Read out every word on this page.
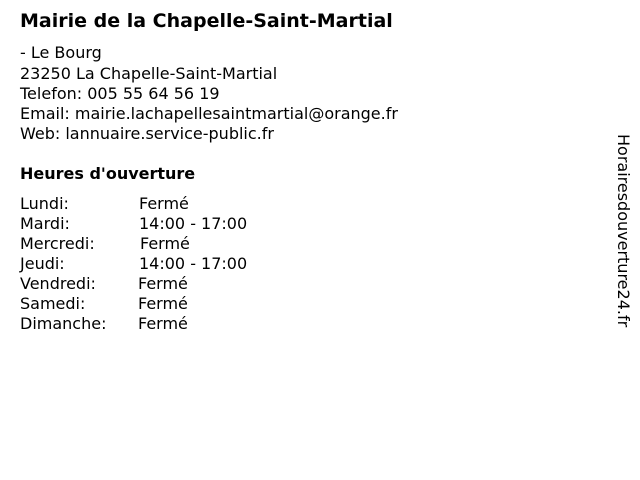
Mairie de la Chapelle-Saint-Martial
- Le Bourg
23250 La Chapelle-Saint-Martial
Telefon: 005 55 64 56 19
Email: mairie.lachapellesaintmartial@orange.fr
Web: lannuaire.service-public.fr
Heures d'ouverture
Lundi:	Fermé
Mardi:	14:00 - 17:00
Mercredi:	Fermé
Jeudi:	14:00 - 17:00
Vendredi:	Fermé
Samedi:	Fermé
Dimanche: Fermé	Horairesdouverture24.fr
